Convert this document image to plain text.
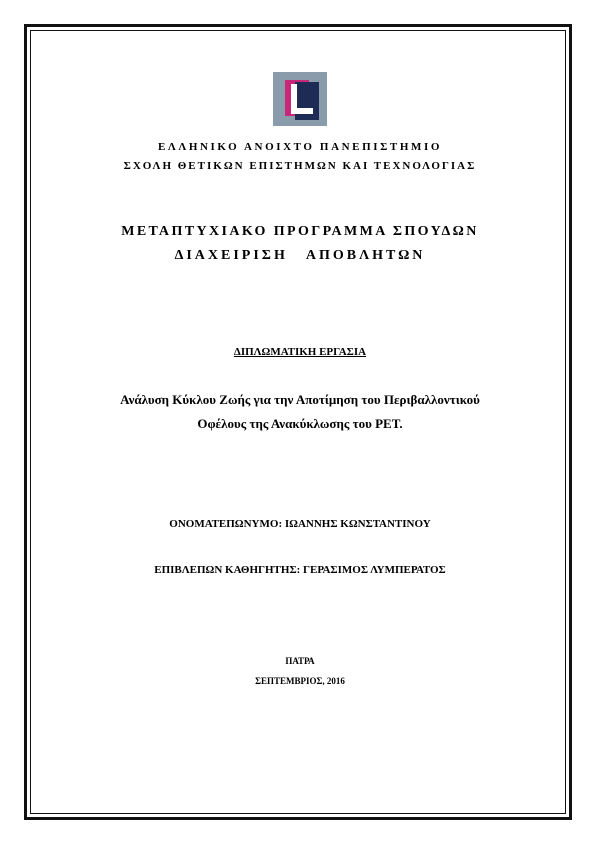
ΕΛΛΗΝΙΚΟ ΑΝΟΙΧΤΟ ΠΑΝΕΠΙΣΤΗΜΙΟ
ΣΧΟΛΗ ΘΕΤΙΚΩΝ ΕΠΙΣΤΗΜΩΝ ΚΑΙ ΤΕΧΝΟΛΟΓΙΑΣ
ΜΕΤΑΠΤΥΧΙΑΚΟ ΠΡΟΓΡΑΜΜΑ ΣΠΟΥΔΩΝ
ΔΙΑΧΕΙΡΙΣΗ ΑΠΟΒΛΗΤΩΝ
ΔΙΠΛΩΜΑΤΙΚΗ ΕΡΓΑΣΙΑ
Ανάλυση Κύκλου Ζωής για την Αποτίμηση του Περιβαλλοντικού
Οφέλους της Ανακύκλωσης του PET.
ΟΝΟΜΑΤΕΠΩΝΥΜΟ: ΙΩΑΝΝΗΣ ΚΩΝΣΤΑΝΤΙΝΟΥ
ΕΠΙΒΛΕΠΩΝ ΚΑΘΗΓΗΤΗΣ: ΓΕΡΑΣΙΜΟΣ ΛΥΜΠΕΡΑΤΟΣ
ΠΑΤΡΑ
ΣΕΠΤΕΜΒΡΙΟΣ, 2016
